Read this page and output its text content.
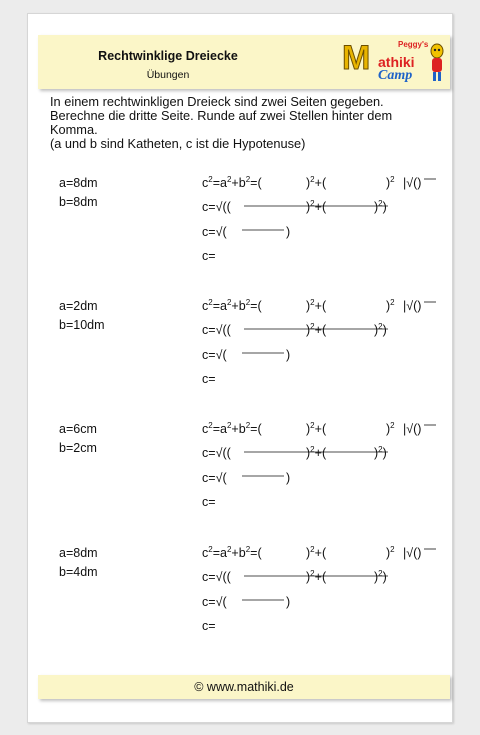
Rechtwinklige Dreiecke
Übungen	M	Peggy's
athiki
Camp
In einem rechtwinkligen Dreieck sind zwei Seiten gegeben.
Berechne die dritte Seite. Runde auf zwei Stellen hinter dem
Komma.
(a und b sind Katheten, c ist die Hypotenuse)
a=8dm
b=8dm
$c^2=a^2+b^2=$(	)$^2$+(	)$^2$ |√()
c=√((	)$^2$+(	)$^2$)
c=√(	)
c=
a=2dm
b=10dm
$c^2=a^2+b^2=$(	)$^2$+(	)$^2$ |√()
c=√((	)$^2$+(	)$^2$)
c=√(	)
c=
a=6cm
b=2cm
$c^2=a^2+b^2=$(	)$^2$+(	)$^2$ |√()
c=√((	)$^2$+(	)$^2$)
c=√(	)
c=
a=8dm
b=4dm
$c^2=a^2+b^2=$(	)$^2$+(	)$^2$ |√()
c=√((	)$^2$+(	)$^2$)
c=√(	)
c=
© www.mathiki.de
